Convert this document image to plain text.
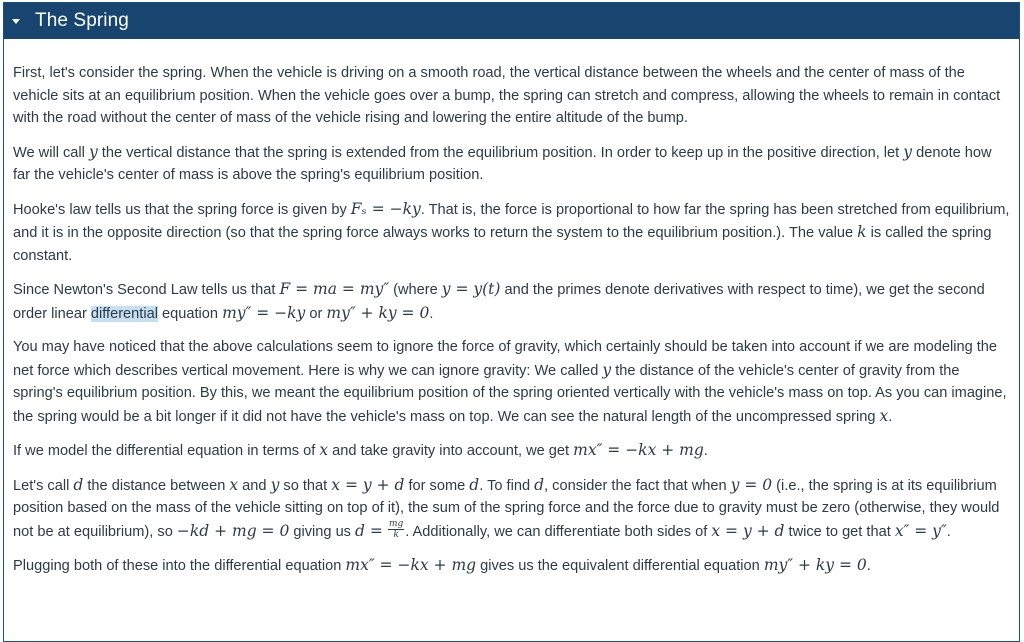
The Spring

First, let's consider the spring. When the vehicle is driving on a smooth road, the vertical distance between the wheels and the center of mass of the vehicle sits at an equilibrium position. When the vehicle goes over a bump, the spring can stretch and compress, allowing the wheels to remain in contact with the road without the center of mass of the vehicle rising and lowering the entire altitude of the bump.

We will call y the vertical distance that the spring is extended from the equilibrium position. In order to keep up in the positive direction, let y denote how far the vehicle's center of mass is above the spring's equilibrium position.

Hooke's law tells us that the spring force is given by Fₛ = −ky. That is, the force is proportional to how far the spring has been stretched from equilibrium, and it is in the opposite direction (so that the spring force always works to return the system to the equilibrium position.). The value k is called the spring constant.

Since Newton's Second Law tells us that F = ma = my″ (where y = y(t) and the primes denote derivatives with respect to time), we get the second order linear differential equation my″ = −ky or my″ + ky = 0.

You may have noticed that the above calculations seem to ignore the force of gravity, which certainly should be taken into account if we are modeling the net force which describes vertical movement. Here is why we can ignore gravity: We called y the distance of the vehicle's center of gravity from the spring's equilibrium position. By this, we meant the equilibrium position of the spring oriented vertically with the vehicle's mass on top. As you can imagine, the spring would be a bit longer if it did not have the vehicle's mass on top. We can see the natural length of the uncompressed spring x.

If we model the differential equation in terms of x and take gravity into account, we get mx″ = −kx + mg.

Let's call d the distance between x and y so that x = y + d for some d. To find d, consider the fact that when y = 0 (i.e., the spring is at its equilibrium position based on the mass of the vehicle sitting on top of it), the sum of the spring force and the force due to gravity must be zero (otherwise, they would not be at equilibrium), so −kd + mg = 0 giving us $d = \frac{mg}{k}$ . Additionally, we can differentiate both sides of x = y + d twice to get that x″ = y″.

Plugging both of these into the differential equation mx″ = −kx + mg gives us the equivalent differential equation my″ + ky = 0.
